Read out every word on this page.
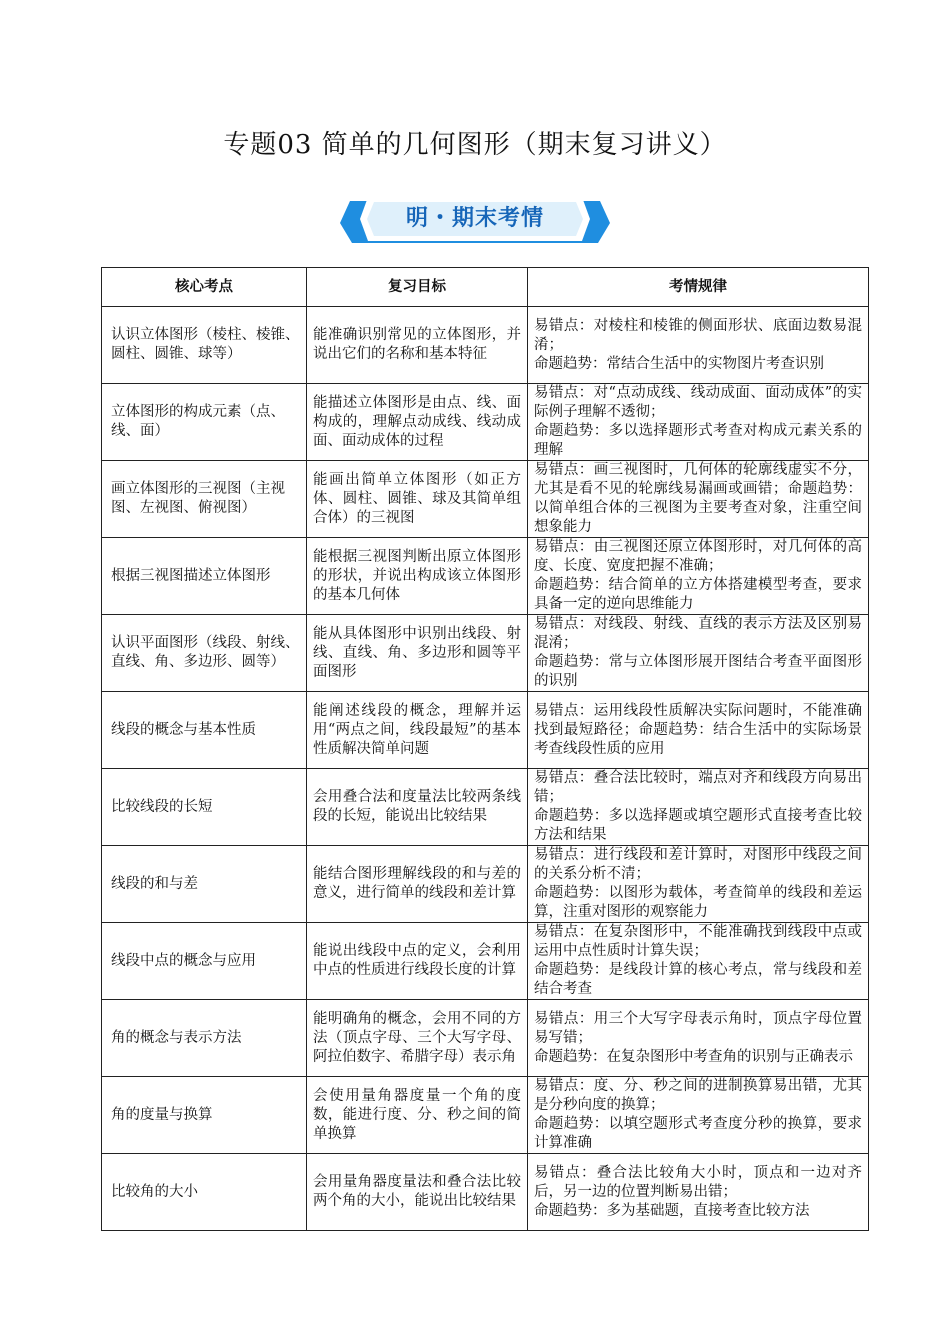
专题03 简单的几何图形（期末复习讲义）
明・期末考情
核心考点	复习目标	考情规律
认识立体图形（棱柱、棱锥、圆柱、圆锥、球等）	能准确识别常见的立体图形，并说出它们的名称和基本特征	易错点：对棱柱和棱锥的侧面形状、底面边数易混淆；
命题趋势：常结合生活中的实物图片考查识别
立体图形的构成元素（点、线、面）	能描述立体图形是由点、线、面构成的，理解点动成线、线动成面、面动成体的过程	易错点：对“点动成线、线动成面、面动成体”的实际例子理解不透彻；
命题趋势：多以选择题形式考查对构成元素关系的理解
画立体图形的三视图（主视图、左视图、俯视图）	能画出简单立体图形（如正方体、圆柱、圆锥、球及其简单组合体）的三视图	易错点：画三视图时，几何体的轮廓线虚实不分，尤其是看不见的轮廓线易漏画或画错；命题趋势：以简单组合体的三视图为主要考查对象，注重空间想象能力
根据三视图描述立体图形	能根据三视图判断出原立体图形的形状，并说出构成该立体图形的基本几何体	易错点：由三视图还原立体图形时，对几何体的高度、长度、宽度把握不准确；
命题趋势：结合简单的立方体搭建模型考查，要求具备一定的逆向思维能力
认识平面图形（线段、射线、直线、角、多边形、圆等）	能从具体图形中识别出线段、射线、直线、角、多边形和圆等平面图形	易错点：对线段、射线、直线的表示方法及区别易混淆；
命题趋势：常与立体图形展开图结合考查平面图形的识别
线段的概念与基本性质	能阐述线段的概念，理解并运用“两点之间，线段最短”的基本性质解决简单问题	易错点：运用线段性质解决实际问题时，不能准确找到最短路径；命题趋势：结合生活中的实际场景考查线段性质的应用
比较线段的长短	会用叠合法和度量法比较两条线段的长短，能说出比较结果	易错点：叠合法比较时，端点对齐和线段方向易出错；
命题趋势：多以选择题或填空题形式直接考查比较方法和结果
线段的和与差	能结合图形理解线段的和与差的意义，进行简单的线段和差计算	易错点：进行线段和差计算时，对图形中线段之间的关系分析不清；
命题趋势：以图形为载体，考查简单的线段和差运算，注重对图形的观察能力
线段中点的概念与应用	能说出线段中点的定义，会利用中点的性质进行线段长度的计算	易错点：在复杂图形中，不能准确找到线段中点或运用中点性质时计算失误；
命题趋势：是线段计算的核心考点，常与线段和差结合考查
角的概念与表示方法	能明确角的概念，会用不同的方法（顶点字母、三个大写字母、阿拉伯数字、希腊字母）表示角	易错点：用三个大写字母表示角时，顶点字母位置易写错；
命题趋势：在复杂图形中考查角的识别与正确表示
角的度量与换算	会使用量角器度量一个角的度数，能进行度、分、秒之间的简单换算	易错点：度、分、秒之间的进制换算易出错，尤其是分秒向度的换算；
命题趋势：以填空题形式考查度分秒的换算，要求计算准确
比较角的大小	会用量角器度量法和叠合法比较两个角的大小，能说出比较结果	易错点：叠合法比较角大小时，顶点和一边对齐后，另一边的位置判断易出错；
命题趋势：多为基础题，直接考查比较方法
